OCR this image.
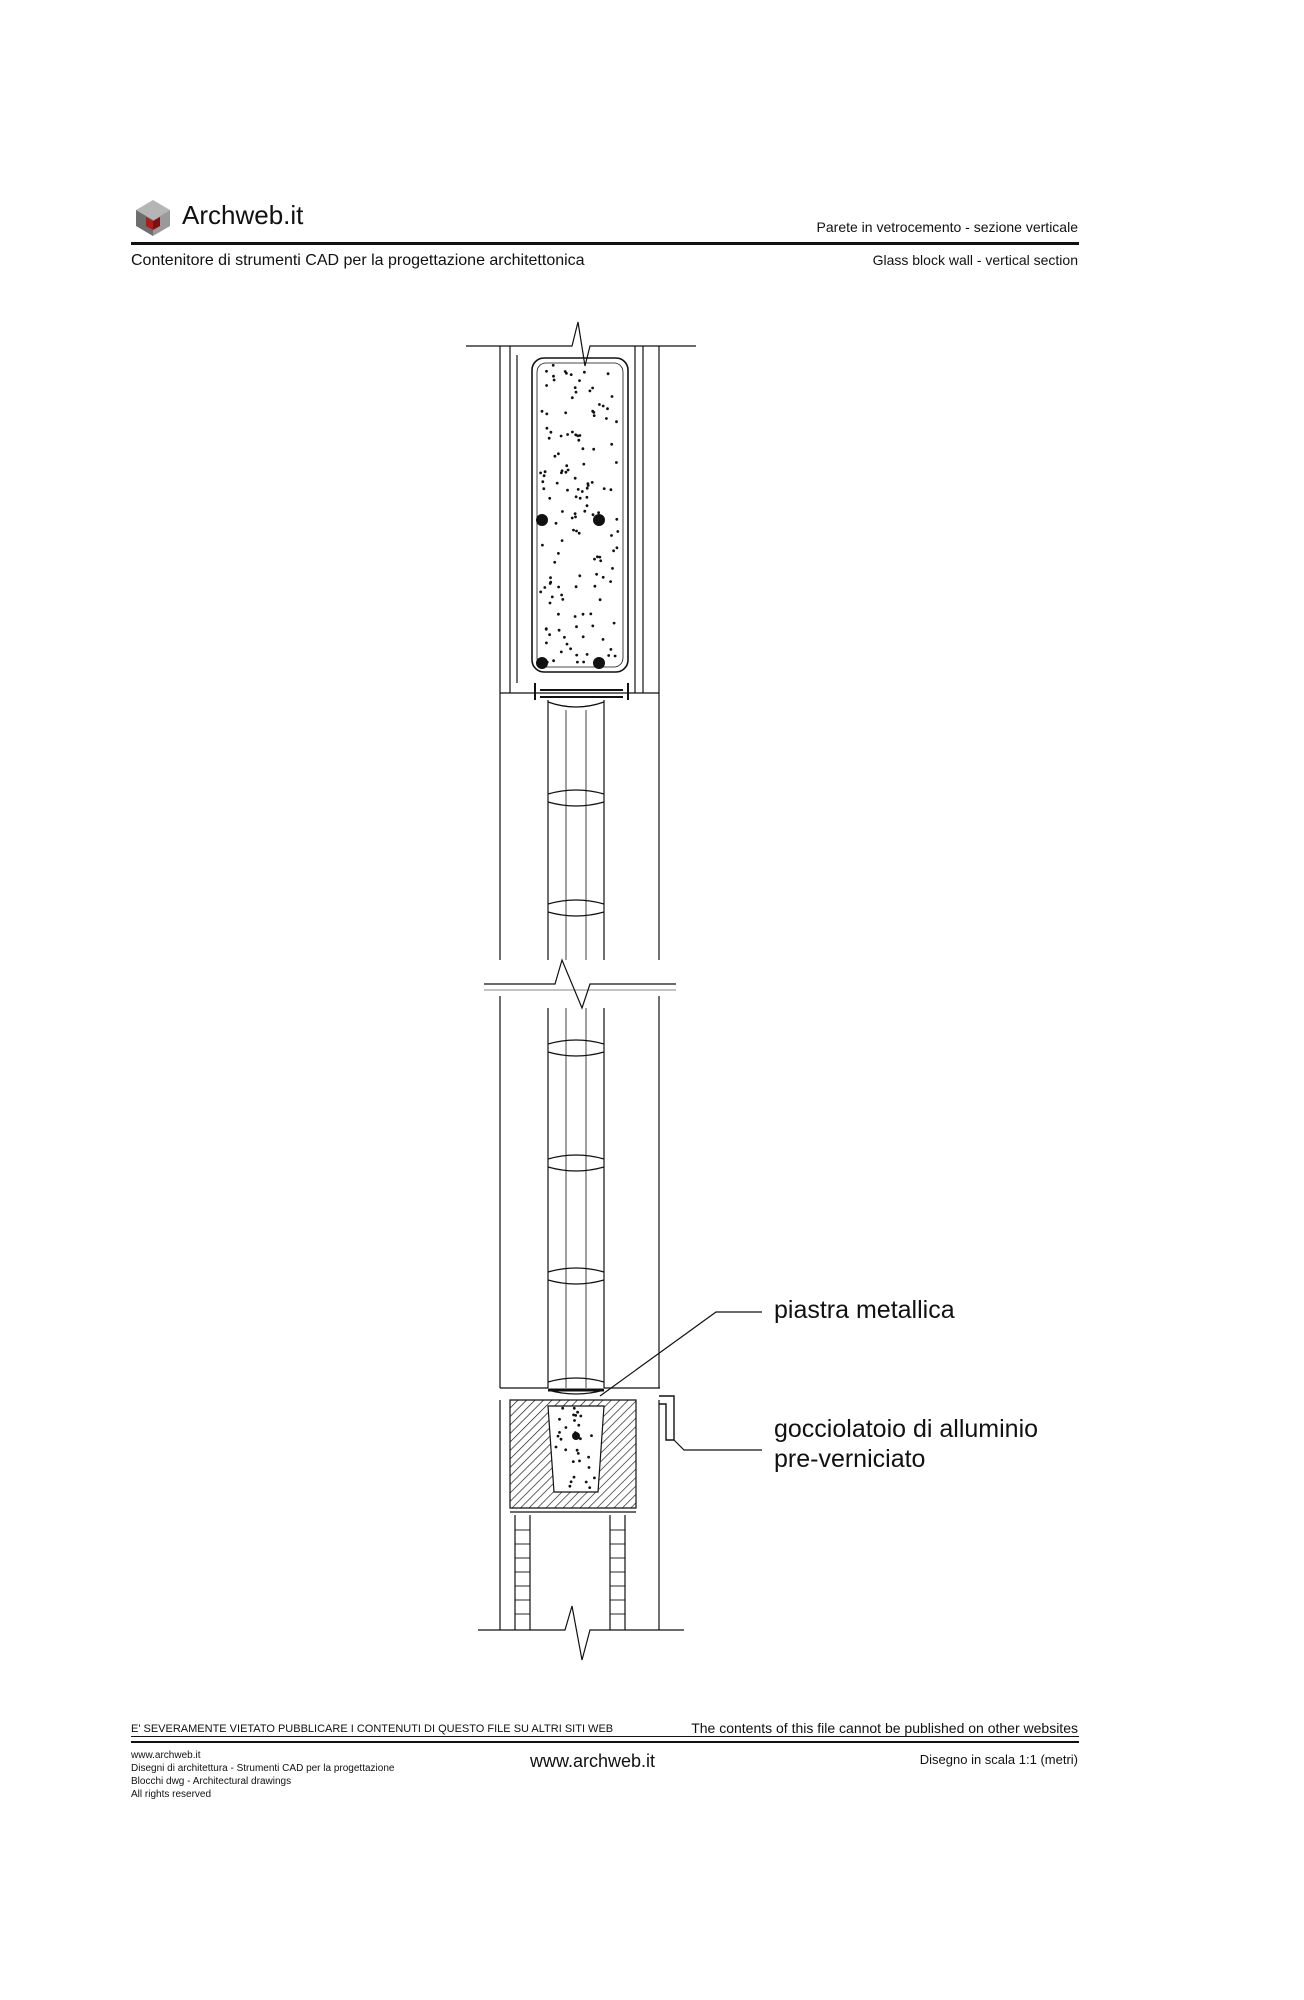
Archweb.it	Parete in vetrocemento - sezione verticale
Contenitore di strumenti CAD per la progettazione architettonica	Glass block wall - vertical section
piastra metallica
gocciolatoio di alluminio
pre-verniciato
E' SEVERAMENTE VIETATO PUBBLICARE I CONTENUTI DI QUESTO FILE SU ALTRI SITI WEB	The contents of this file cannot be published on other websites
www.archweb.it
Disegni di architettura - Strumenti CAD per la progettazione
Blocchi dwg - Architectural drawings
All rights reserved
www.archweb.it	Disegno in scala 1:1 (metri)
